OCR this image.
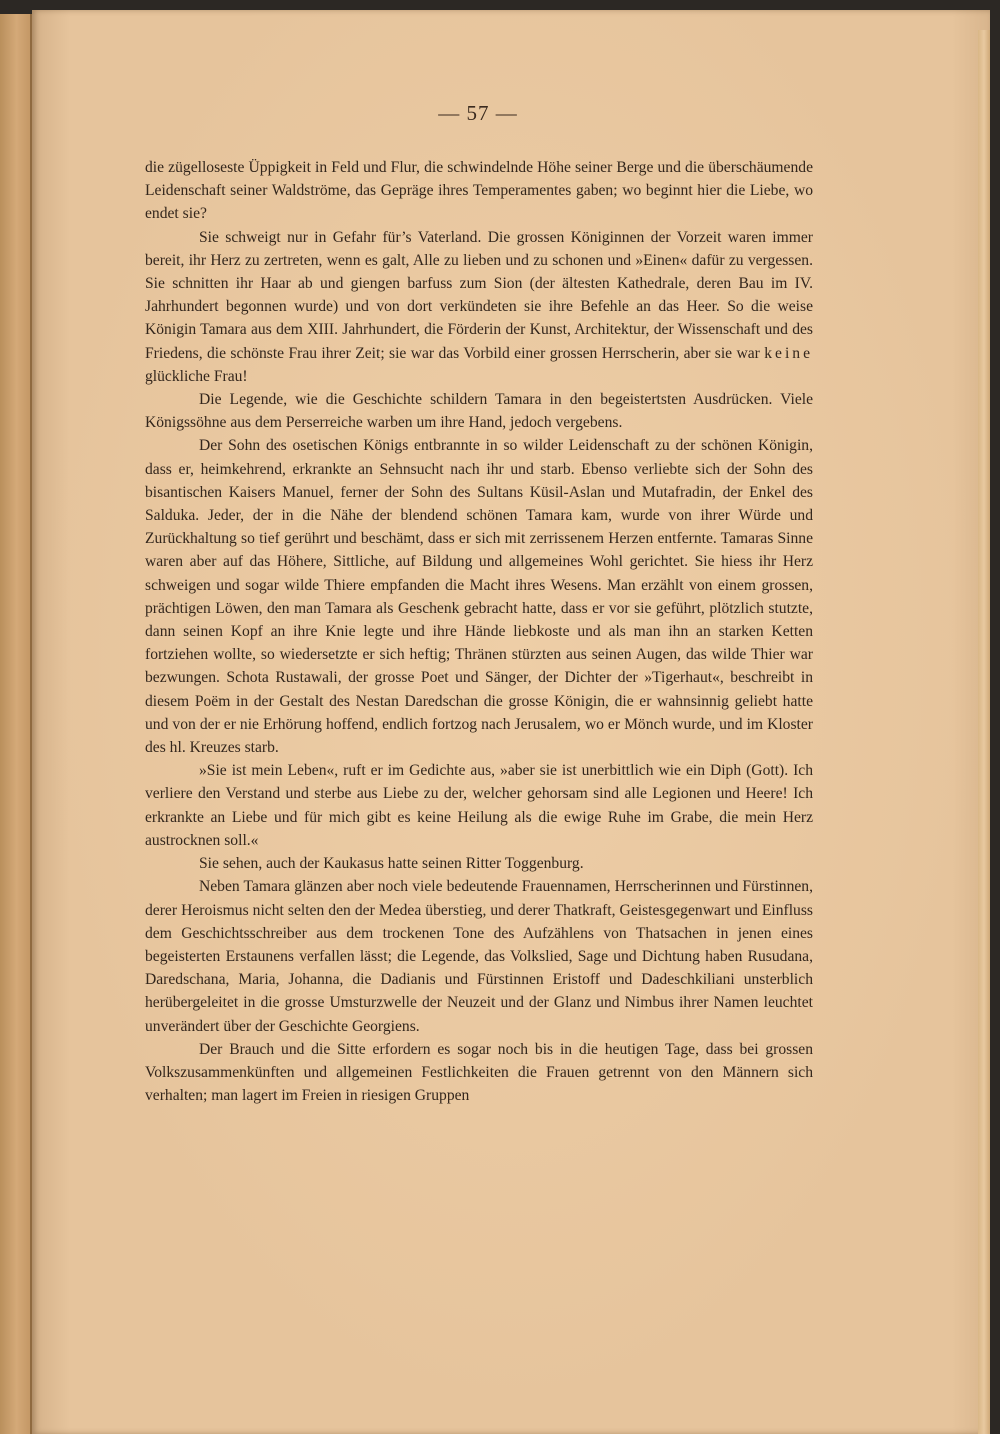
— 57 —

die zügelloseste Üppigkeit in Feld und Flur, die schwindelnde Höhe seiner Berge und die überschäumende Leidenschaft seiner Waldströme, das Gepräge ihres Temperamentes gaben; wo beginnt hier die Liebe, wo endet sie?

Sie schweigt nur in Gefahr für’s Vaterland. Die grossen Königinnen der Vorzeit waren immer bereit, ihr Herz zu zertreten, wenn es galt, Alle zu lieben und zu schonen und »Einen« dafür zu vergessen. Sie schnitten ihr Haar ab und giengen barfuss zum Sion (der ältesten Kathedrale, deren Bau im IV. Jahrhundert begonnen wurde) und von dort verkündeten sie ihre Befehle an das Heer. So die weise Königin Tamara aus dem XIII. Jahrhundert, die Förderin der Kunst, Architektur, der Wissenschaft und des Friedens, die schönste Frau ihrer Zeit; sie war das Vorbild einer grossen Herrscherin, aber sie war keine glückliche Frau!

Die Legende, wie die Geschichte schildern Tamara in den begeistertsten Ausdrücken. Viele Königssöhne aus dem Perserreiche warben um ihre Hand, jedoch vergebens.

Der Sohn des osetischen Königs entbrannte in so wilder Leidenschaft zu der schönen Königin, dass er, heimkehrend, erkrankte an Sehnsucht nach ihr und starb. Ebenso verliebte sich der Sohn des bisantischen Kaisers Manuel, ferner der Sohn des Sultans Küsil-Aslan und Mutafradin, der Enkel des Salduka. Jeder, der in die Nähe der blendend schönen Tamara kam, wurde von ihrer Würde und Zurückhaltung so tief gerührt und beschämt, dass er sich mit zerrissenem Herzen entfernte. Tamaras Sinne waren aber auf das Höhere, Sittliche, auf Bildung und allgemeines Wohl gerichtet. Sie hiess ihr Herz schweigen und sogar wilde Thiere empfanden die Macht ihres Wesens. Man erzählt von einem grossen, prächtigen Löwen, den man Tamara als Geschenk gebracht hatte, dass er vor sie geführt, plötzlich stutzte, dann seinen Kopf an ihre Knie legte und ihre Hände liebkoste und als man ihn an starken Ketten fortziehen wollte, so wiedersetzte er sich heftig; Thränen stürzten aus seinen Augen, das wilde Thier war bezwungen. Schota Rustawali, der grosse Poet und Sänger, der Dichter der »Tigerhaut«, beschreibt in diesem Poëm in der Gestalt des Nestan Daredschan die grosse Königin, die er wahnsinnig geliebt hatte und von der er nie Erhörung hoffend, endlich fortzog nach Jerusalem, wo er Mönch wurde, und im Kloster des hl. Kreuzes starb.

»Sie ist mein Leben«, ruft er im Gedichte aus, »aber sie ist unerbittlich wie ein Diph (Gott). Ich verliere den Verstand und sterbe aus Liebe zu der, welcher gehorsam sind alle Legionen und Heere! Ich erkrankte an Liebe und für mich gibt es keine Heilung als die ewige Ruhe im Grabe, die mein Herz austrocknen soll.«

Sie sehen, auch der Kaukasus hatte seinen Ritter Toggenburg.

Neben Tamara glänzen aber noch viele bedeutende Frauennamen, Herrscherinnen und Fürstinnen, derer Heroismus nicht selten den der Medea überstieg, und derer Thatkraft, Geistesgegenwart und Einfluss dem Geschichtsschreiber aus dem trockenen Tone des Aufzählens von Thatsachen in jenen eines begeisterten Erstaunens verfallen lässt; die Legende, das Volkslied, Sage und Dichtung haben Rusudana, Daredschana, Maria, Johanna, die Dadianis und Fürstinnen Eristoff und Dadeschkiliani unsterblich herübergeleitet in die grosse Umsturzwelle der Neuzeit und der Glanz und Nimbus ihrer Namen leuchtet unverändert über der Geschichte Georgiens.

Der Brauch und die Sitte erfordern es sogar noch bis in die heutigen Tage, dass bei grossen Volkszusammenkünften und allgemeinen Festlichkeiten die Frauen getrennt von den Männern sich verhalten; man lagert im Freien in riesigen Gruppen
